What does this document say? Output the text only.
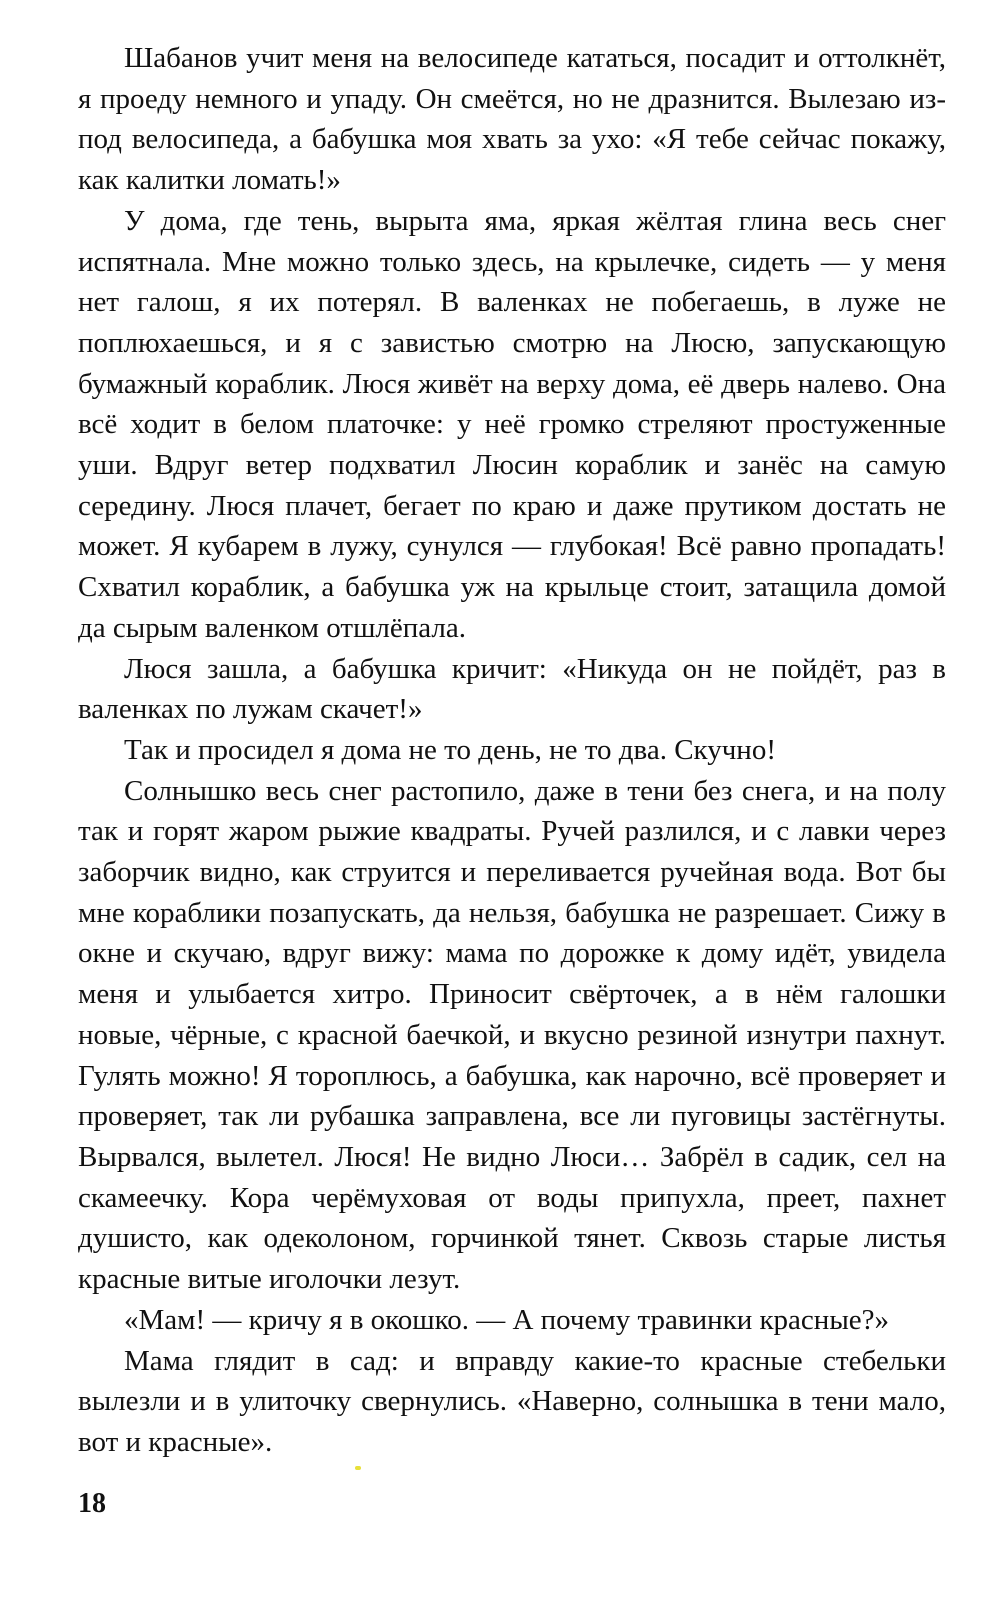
Шабанов учит меня на велосипеде кататься, посадит и оттолкнёт, я проеду немного и упаду. Он смеётся, но не дразнится. Вылезаю из-под велосипеда, а бабушка моя хвать за ухо: «Я тебе сейчас покажу, как калитки ломать!»

У дома, где тень, вырыта яма, яркая жёлтая глина весь снег испятнала. Мне можно только здесь, на крылечке, сидеть — у меня нет галош, я их потерял. В валенках не побегаешь, в луже не поплюхаешься, и я с завистью смотрю на Люсю, запускающую бумажный кораблик. Люся живёт на верху дома, её дверь налево. Она всё ходит в белом платочке: у неё громко стреляют простуженные уши. Вдруг ветер подхватил Люсин кораблик и занёс на самую середину. Люся плачет, бегает по краю и даже прутиком достать не может. Я кубарем в лужу, сунулся — глубокая! Всё равно пропадать! Схватил кораблик, а бабушка уж на крыльце стоит, затащила домой да сырым валенком отшлёпала.

Люся зашла, а бабушка кричит: «Никуда он не пойдёт, раз в валенках по лужам скачет!»

Так и просидел я дома не то день, не то два. Скучно!

Солнышко весь снег растопило, даже в тени без снега, и на полу так и горят жаром рыжие квадраты. Ручей разлился, и с лавки через заборчик видно, как струится и переливается ручейная вода. Вот бы мне кораблики позапускать, да нельзя, бабушка не разрешает. Сижу в окне и скучаю, вдруг вижу: мама по дорожке к дому идёт, увидела меня и улыбается хитро. Приносит свёрточек, а в нём галошки новые, чёрные, с красной баечкой, и вкусно резиной изнутри пахнут. Гулять можно! Я тороплюсь, а бабушка, как нарочно, всё проверяет и проверяет, так ли рубашка заправлена, все ли пуговицы застёгнуты. Вырвался, вылетел. Люся! Не видно Люси… Забрёл в садик, сел на скамеечку. Кора черёмуховая от воды припухла, преет, пахнет душисто, как одеколоном, горчинкой тянет. Сквозь старые листья красные витые иголочки лезут.

«Мам! — кричу я в окошко. — А почему травинки красные?»

Мама глядит в сад: и вправду какие-то красные стебельки вылезли и в улиточку свернулись. «Наверно, солнышка в тени мало, вот и красные».

18
